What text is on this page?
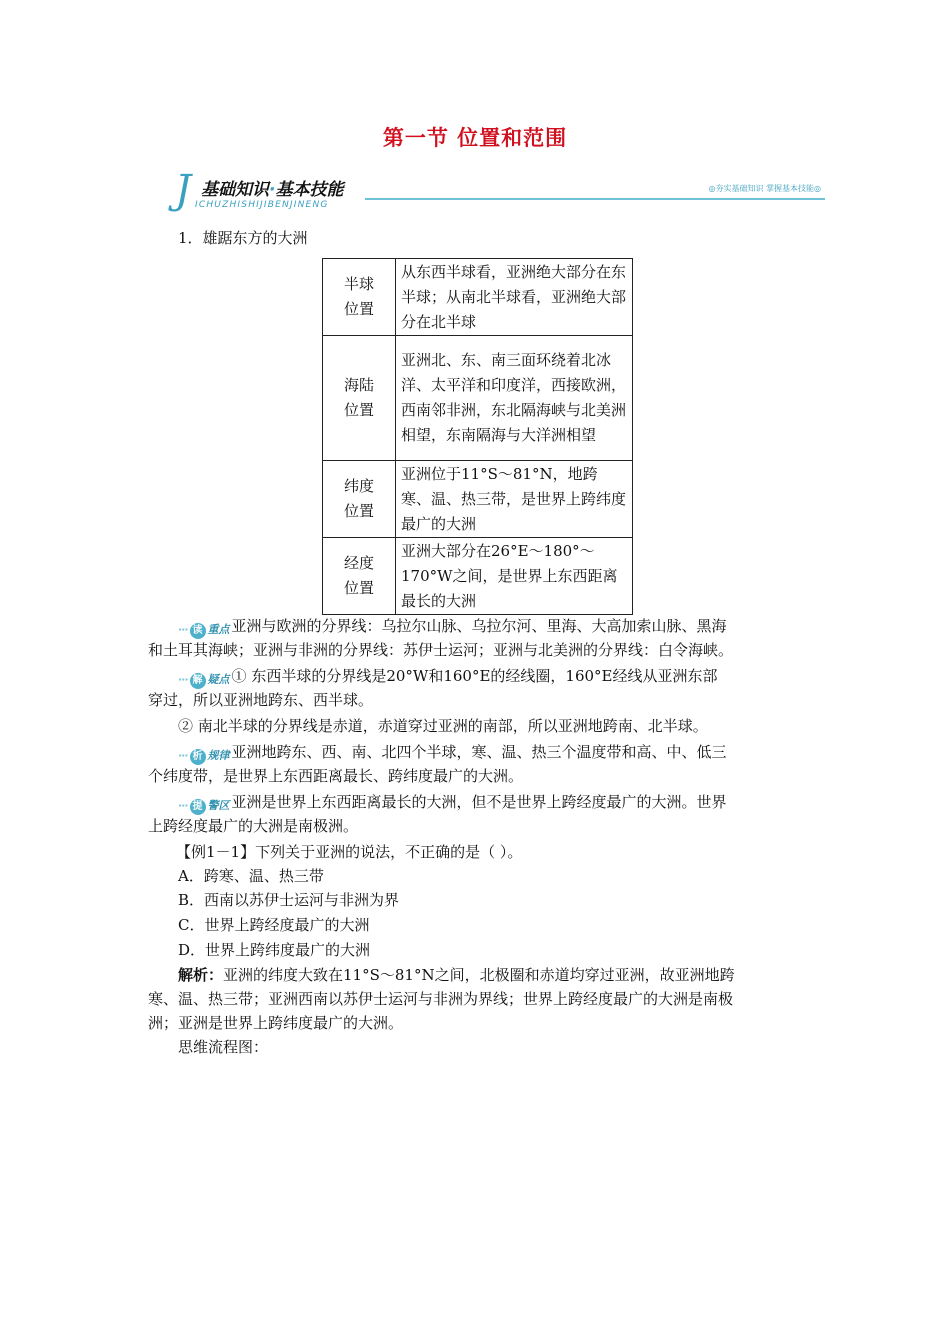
第一节 位置和范围
J 基础知识·基本技能
ICHUZHISHIJIBENJINENG
◎夯实基础知识 掌握基本技能◎
1．雄踞东方的大洲
半球位置	从东西半球看，亚洲绝大部分在东半球；从南北半球看，亚洲绝大部分在北半球

海陆位置	亚洲北、东、南三面环绕着北冰洋、太平洋和印度洋，西接欧洲，西南邻非洲，东北隔海峡与北美洲相望，东南隔海与大洋洲相望

纬度位置	亚洲位于11°S～81°N，地跨寒、温、热三带，是世界上跨纬度最广的大洲

经度位置	亚洲大部分在26°E～180°～170°W之间，是世界上东西距离最长的大洲
··· 读 重点 亚洲与欧洲的分界线：乌拉尔山脉、乌拉尔河、里海、大高加索山脉、黑海
和土耳其海峡；亚洲与非洲的分界线：苏伊士运河；亚洲与北美洲的分界线：白令海峡。
··· 解 疑点 ① 东西半球的分界线是20°W和160°E的经线圈，160°E经线从亚洲东部
穿过，所以亚洲地跨东、西半球。
② 南北半球的分界线是赤道，赤道穿过亚洲的南部，所以亚洲地跨南、北半球。
··· 析 规律 亚洲地跨东、西、南、北四个半球，寒、温、热三个温度带和高、中、低三
个纬度带，是世界上东西距离最长、跨纬度最广的大洲。
··· 提 警区 亚洲是世界上东西距离最长的大洲，但不是世界上跨经度最广的大洲。世界
上跨经度最广的大洲是南极洲。
【例1－1】下列关于亚洲的说法，不正确的是（ ）。
A．跨寒、温、热三带
B．西南以苏伊士运河与非洲为界
C．世界上跨经度最广的大洲
D．世界上跨纬度最广的大洲
解析：亚洲的纬度大致在11°S～81°N之间，北极圈和赤道均穿过亚洲，故亚洲地跨
寒、温、热三带；亚洲西南以苏伊士运河与非洲为界线；世界上跨经度最广的大洲是南极
洲；亚洲是世界上跨纬度最广的大洲。
思维流程图：
